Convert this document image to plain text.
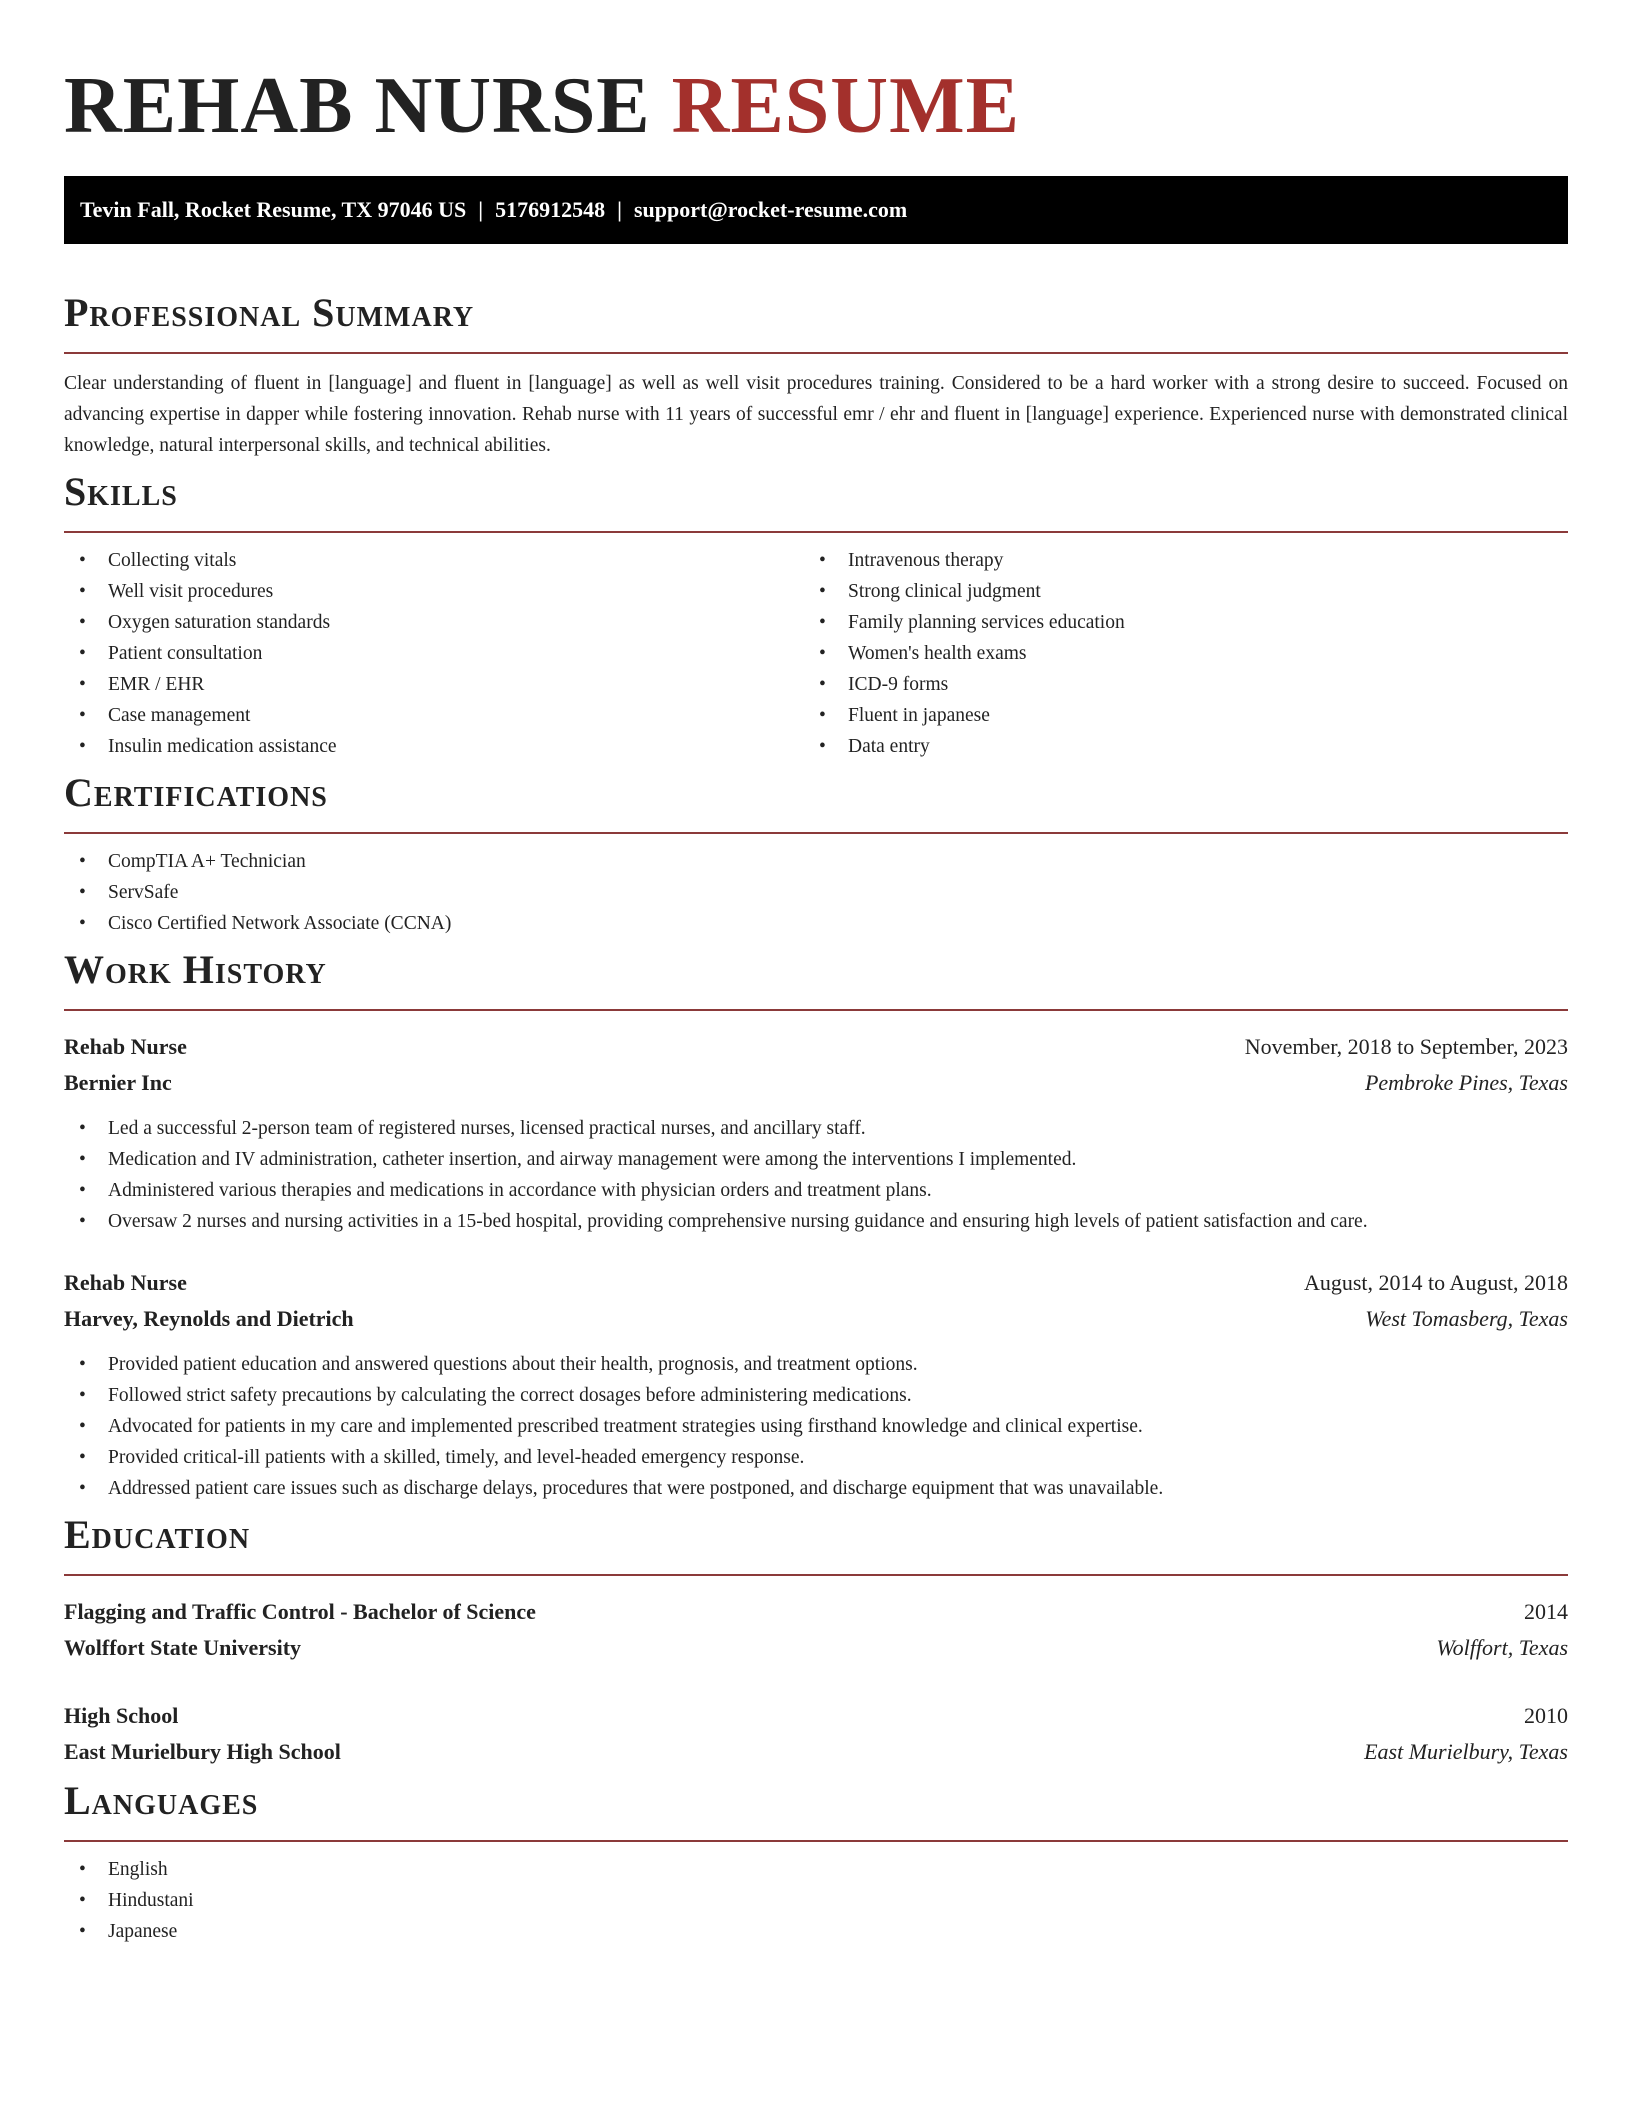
REHAB NURSE RESUME
Tevin Fall, Rocket Resume, TX 97046 US | 5176912548 | support@rocket-resume.com
Professional Summary

Clear understanding of fluent in [language] and fluent in [language] as well as well visit procedures training. Considered to be a hard worker with a strong desire to succeed. Focused on advancing expertise in dapper while fostering innovation. Rehab nurse with 11 years of successful emr / ehr and fluent in [language] experience. Experienced nurse with demonstrated clinical knowledge, natural interpersonal skills, and technical abilities.

Skills
• Collecting vitals
• Well visit procedures
• Oxygen saturation standards
• Patient consultation
• EMR / EHR
• Case management
• Insulin medication assistance
• Intravenous therapy
• Strong clinical judgment
• Family planning services education
• Women's health exams
• ICD-9 forms
• Fluent in japanese
• Data entry
Certifications
• CompTIA A+ Technician
• ServSafe
• Cisco Certified Network Associate (CCNA)
Work History
Rehab Nurse	November, 2018 to September, 2023
Bernier Inc	Pembroke Pines, Texas
• Led a successful 2-person team of registered nurses, licensed practical nurses, and ancillary staff.
• Medication and IV administration, catheter insertion, and airway management were among the interventions I implemented.
• Administered various therapies and medications in accordance with physician orders and treatment plans.
• Oversaw 2 nurses and nursing activities in a 15-bed hospital, providing comprehensive nursing guidance and ensuring high levels of patient satisfaction and care.
Rehab Nurse	August, 2014 to August, 2018
Harvey, Reynolds and Dietrich	West Tomasberg, Texas
• Provided patient education and answered questions about their health, prognosis, and treatment options.
• Followed strict safety precautions by calculating the correct dosages before administering medications.
• Advocated for patients in my care and implemented prescribed treatment strategies using firsthand knowledge and clinical expertise.
• Provided critical-ill patients with a skilled, timely, and level-headed emergency response.
• Addressed patient care issues such as discharge delays, procedures that were postponed, and discharge equipment that was unavailable.
Education
Flagging and Traffic Control - Bachelor of Science	2014
Wolffort State University	Wolffort, Texas
High School	2010
East Murielbury High School	East Murielbury, Texas
Languages
• English
• Hindustani
• Japanese
